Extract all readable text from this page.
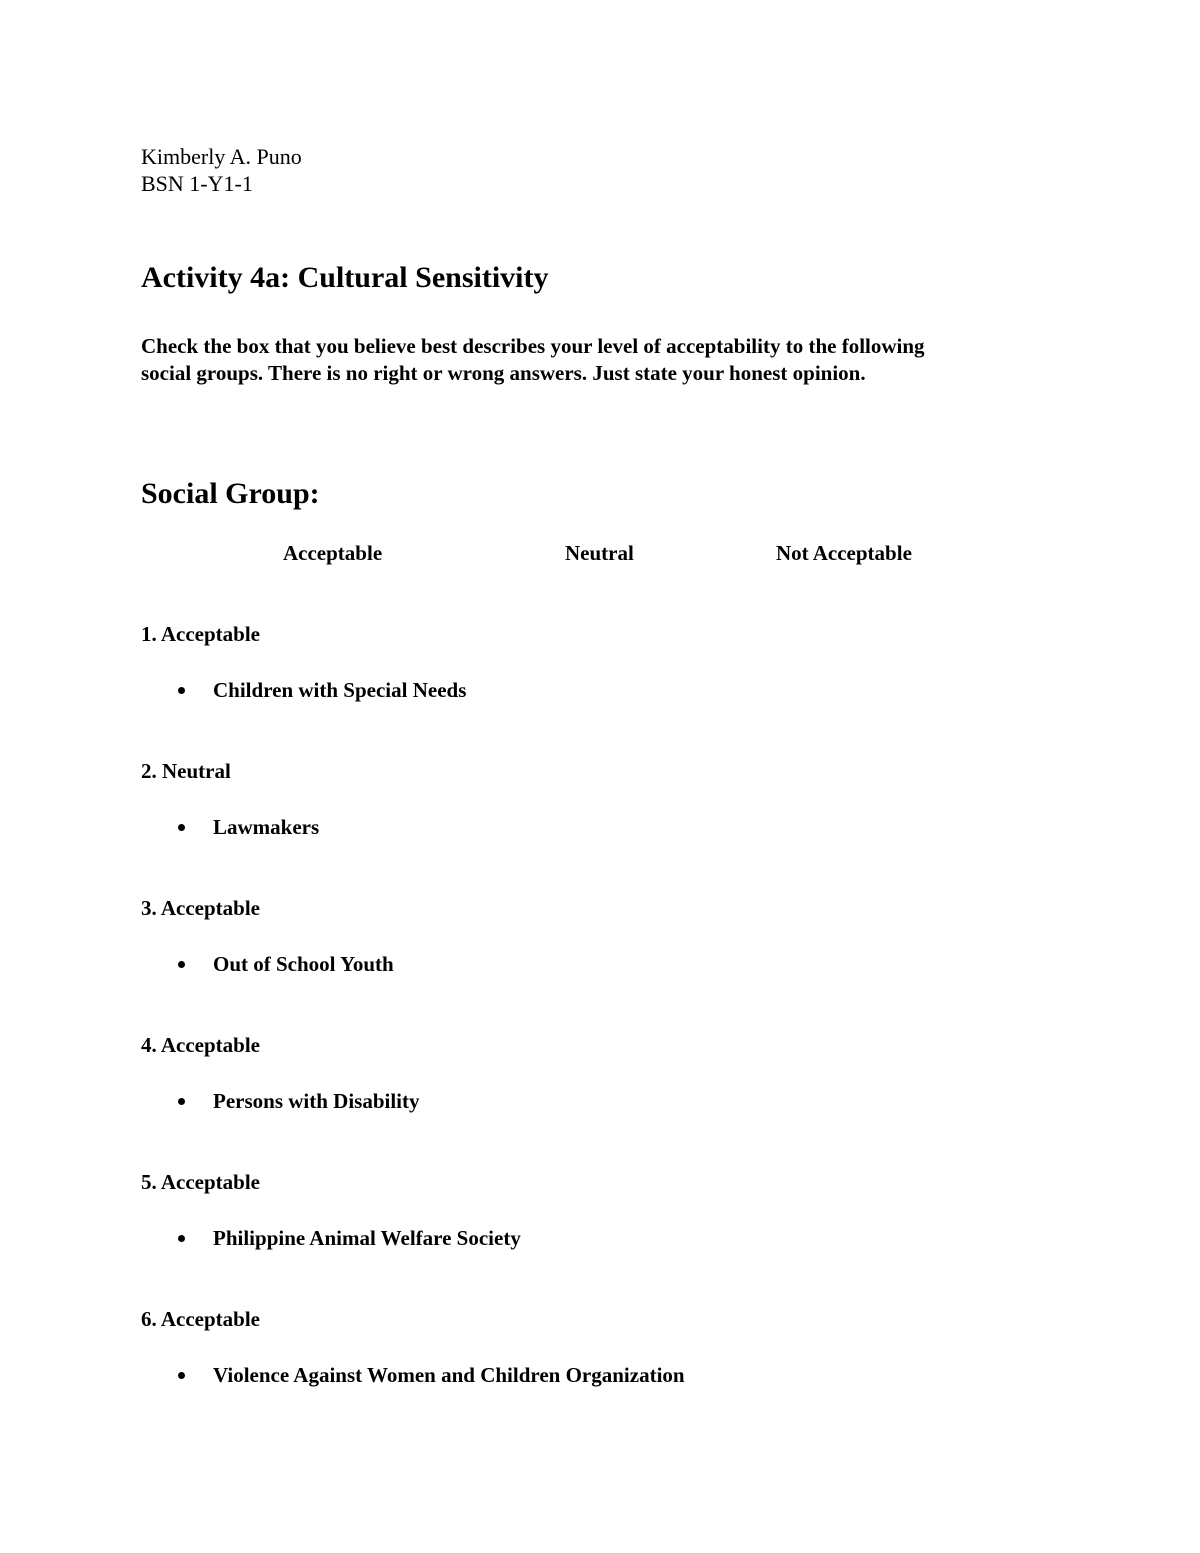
Kimberly A. Puno
BSN 1-Y1-1
Activity 4a: Cultural Sensitivity
Check the box that you believe best describes your level of acceptability to the following
social groups. There is no right or wrong answers. Just state your honest opinion.
Social Group:
Acceptable	Neutral	Not Acceptable
1. Acceptable
Children with Special Needs
2. Neutral
Lawmakers
3. Acceptable
Out of School Youth
4. Acceptable
Persons with Disability
5. Acceptable
Philippine Animal Welfare Society
6. Acceptable
Violence Against Women and Children Organization
